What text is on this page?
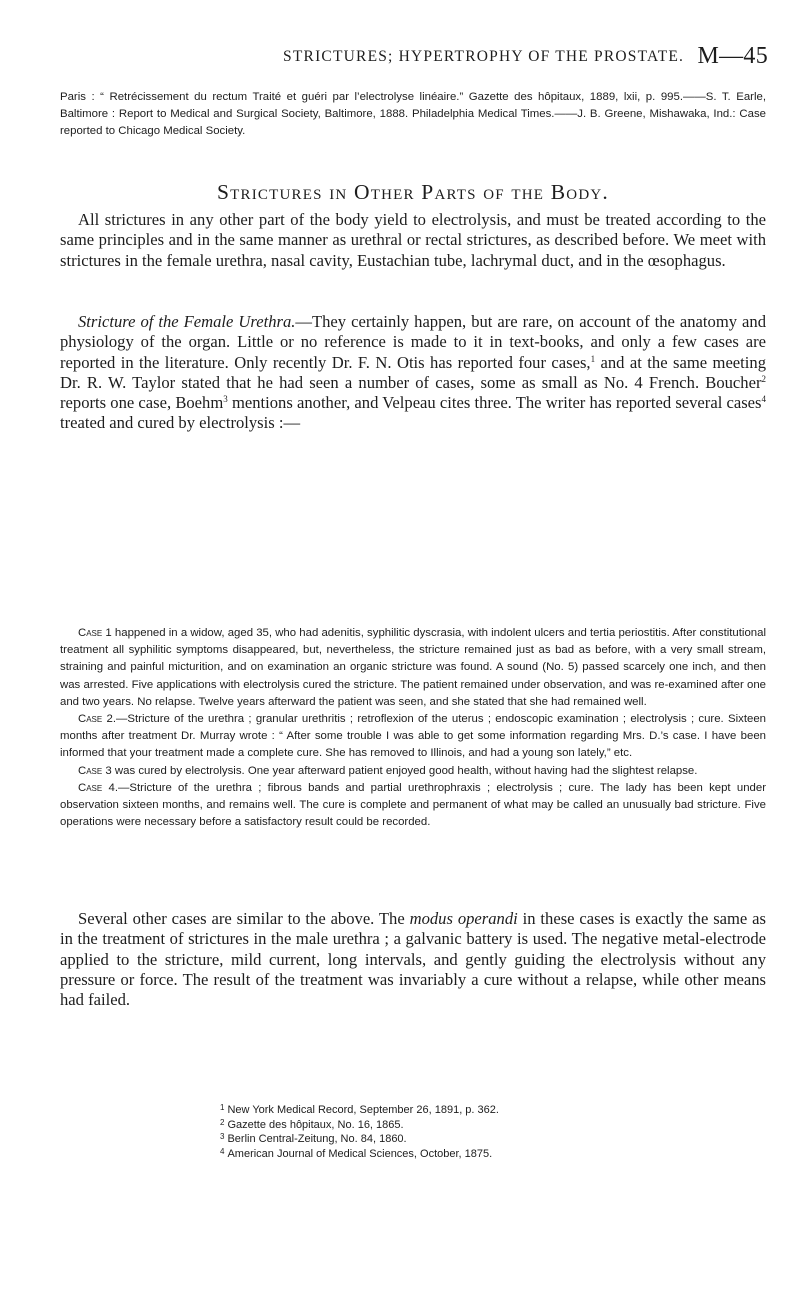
STRICTURES; HYPERTROPHY OF THE PROSTATE. M—45

Paris : “ Retrécissement du rectum Traité et guéri par l’electrolyse linéaire.” Gazette des hôpitaux, 1889, lxii, p. 995.——S. T. Earle, Baltimore : Report to Medical and Surgical Society, Baltimore, 1888. Philadelphia Medical Times.——J. B. Greene, Mishawaka, Ind.: Case reported to Chicago Medical Society.

Strictures in Other Parts of the Body.

All strictures in any other part of the body yield to electrolysis, and must be treated according to the same principles and in the same manner as urethral or rectal strictures, as described before. We meet with strictures in the female urethra, nasal cavity, Eustachian tube, lachrymal duct, and in the œsophagus.

Stricture of the Female Urethra.—They certainly happen, but are rare, on account of the anatomy and physiology of the organ. Little or no reference is made to it in text-books, and only a few cases are reported in the literature. Only recently Dr. F. N. Otis has reported four cases,$^1$ and at the same meeting Dr. R. W. Taylor stated that he had seen a number of cases, some as small as No. 4 French. Boucher$^2$ reports one case, Boehm$^3$ mentions another, and Velpeau cites three. The writer has reported several cases$^4$ treated and cured by electrolysis :—

Case 1 happened in a widow, aged 35, who had adenitis, syphilitic dyscrasia, with indolent ulcers and tertia periostitis. After constitutional treatment all syphilitic symptoms disappeared, but, nevertheless, the stricture remained just as bad as before, with a very small stream, straining and painful micturition, and on examination an organic stricture was found. A sound (No. 5) passed scarcely one inch, and then was arrested. Five applications with electrolysis cured the stricture. The patient remained under observation, and was re-examined after one and two years. No relapse. Twelve years afterward the patient was seen, and she stated that she had remained well.

Case 2.—Stricture of the urethra ; granular urethritis ; retroflexion of the uterus ; endoscopic examination ; electrolysis ; cure. Sixteen months after treatment Dr. Murray wrote : “ After some trouble I was able to get some information regarding Mrs. D.’s case. I have been informed that your treatment made a complete cure. She has removed to Illinois, and had a young son lately,” etc.

Case 3 was cured by electrolysis. One year afterward patient enjoyed good health, without having had the slightest relapse.

Case 4.—Stricture of the urethra ; fibrous bands and partial urethrophraxis ; electrolysis ; cure. The lady has been kept under observation sixteen months, and remains well. The cure is complete and permanent of what may be called an unusually bad stricture. Five operations were necessary before a satisfactory result could be recorded.

Several other cases are similar to the above. The modus operandi in these cases is exactly the same as in the treatment of strictures in the male urethra ; a galvanic battery is used. The negative metal-electrode applied to the stricture, mild current, long intervals, and gently guiding the electrolysis without any pressure or force. The result of the treatment was invariably a cure without a relapse, while other means had failed.

$^1$ New York Medical Record, September 26, 1891, p. 362.
$^2$ Gazette des hôpitaux, No. 16, 1865.
$^3$ Berlin Central-Zeitung, No. 84, 1860.
$^4$ American Journal of Medical Sciences, October, 1875.
